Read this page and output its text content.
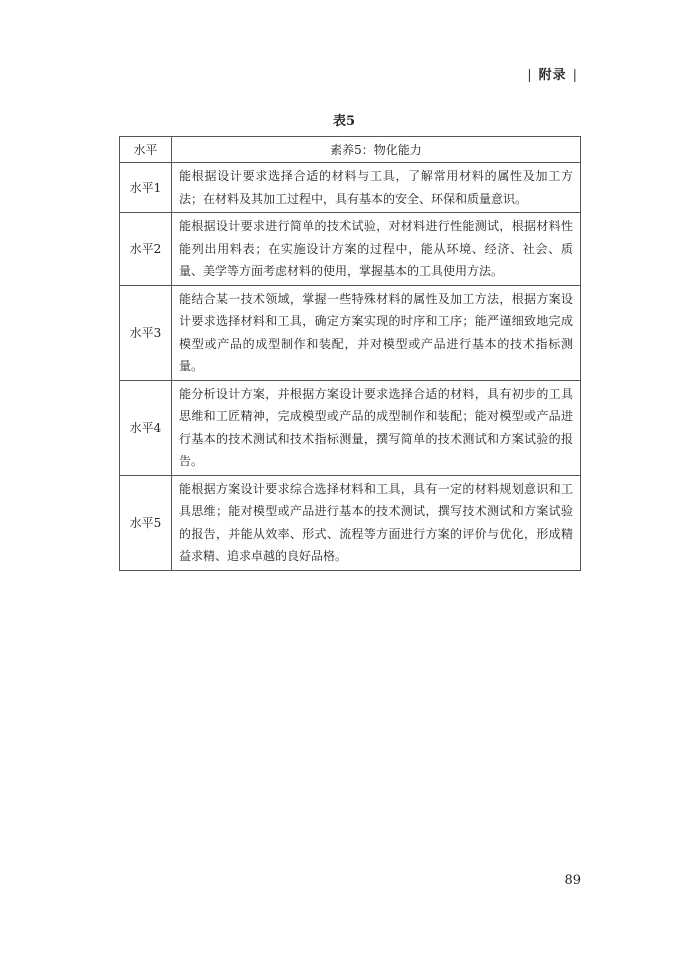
| 附录 |
表5
水平	素养5：物化能力
水平1	能根据设计要求选择合适的材料与工具，了解常用材料的属性及加工方法；在材料及其加工过程中，具有基本的安全、环保和质量意识。
水平2	能根据设计要求进行简单的技术试验，对材料进行性能测试，根据材料性能列出用料表；在实施设计方案的过程中，能从环境、经济、社会、质量、美学等方面考虑材料的使用，掌握基本的工具使用方法。
水平3	能结合某一技术领域，掌握一些特殊材料的属性及加工方法，根据方案设计要求选择材料和工具，确定方案实现的时序和工序；能严谨细致地完成模型或产品的成型制作和装配，并对模型或产品进行基本的技术指标测量。
水平4	能分析设计方案，并根据方案设计要求选择合适的材料，具有初步的工具思维和工匠精神，完成模型或产品的成型制作和装配；能对模型或产品进行基本的技术测试和技术指标测量，撰写简单的技术测试和方案试验的报告。
水平5	能根据方案设计要求综合选择材料和工具，具有一定的材料规划意识和工具思维；能对模型或产品进行基本的技术测试，撰写技术测试和方案试验的报告，并能从效率、形式、流程等方面进行方案的评价与优化，形成精益求精、追求卓越的良好品格。
89
